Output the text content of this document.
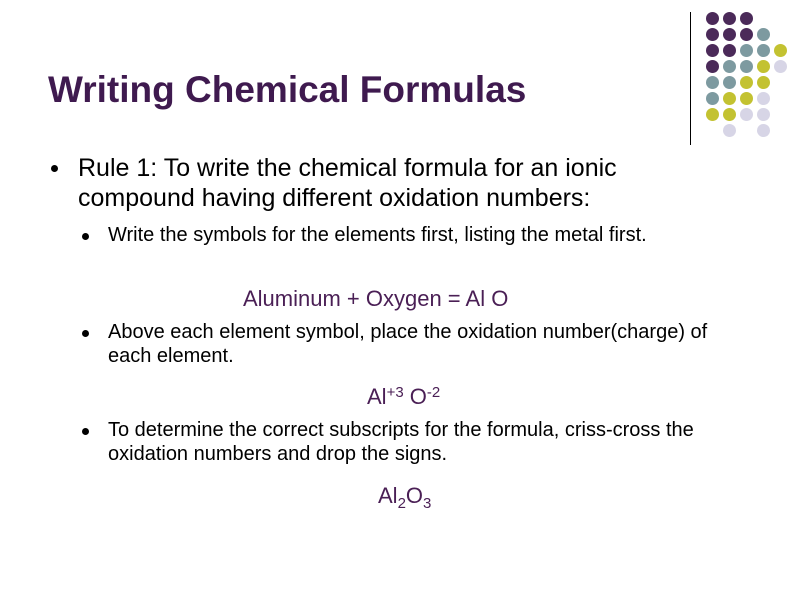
Writing Chemical Formulas
Rule 1: To write the chemical formula for an ionic compound having different oxidation numbers:
Write the symbols for the elements first, listing the metal first.
Aluminum + Oxygen = Al O
Above each element symbol, place the oxidation number(charge) of each element.
$Al^{+3}$ $O^{-2}$
To determine the correct subscripts for the formula, criss-cross the oxidation numbers and drop the signs.
$Al_2O_3$
